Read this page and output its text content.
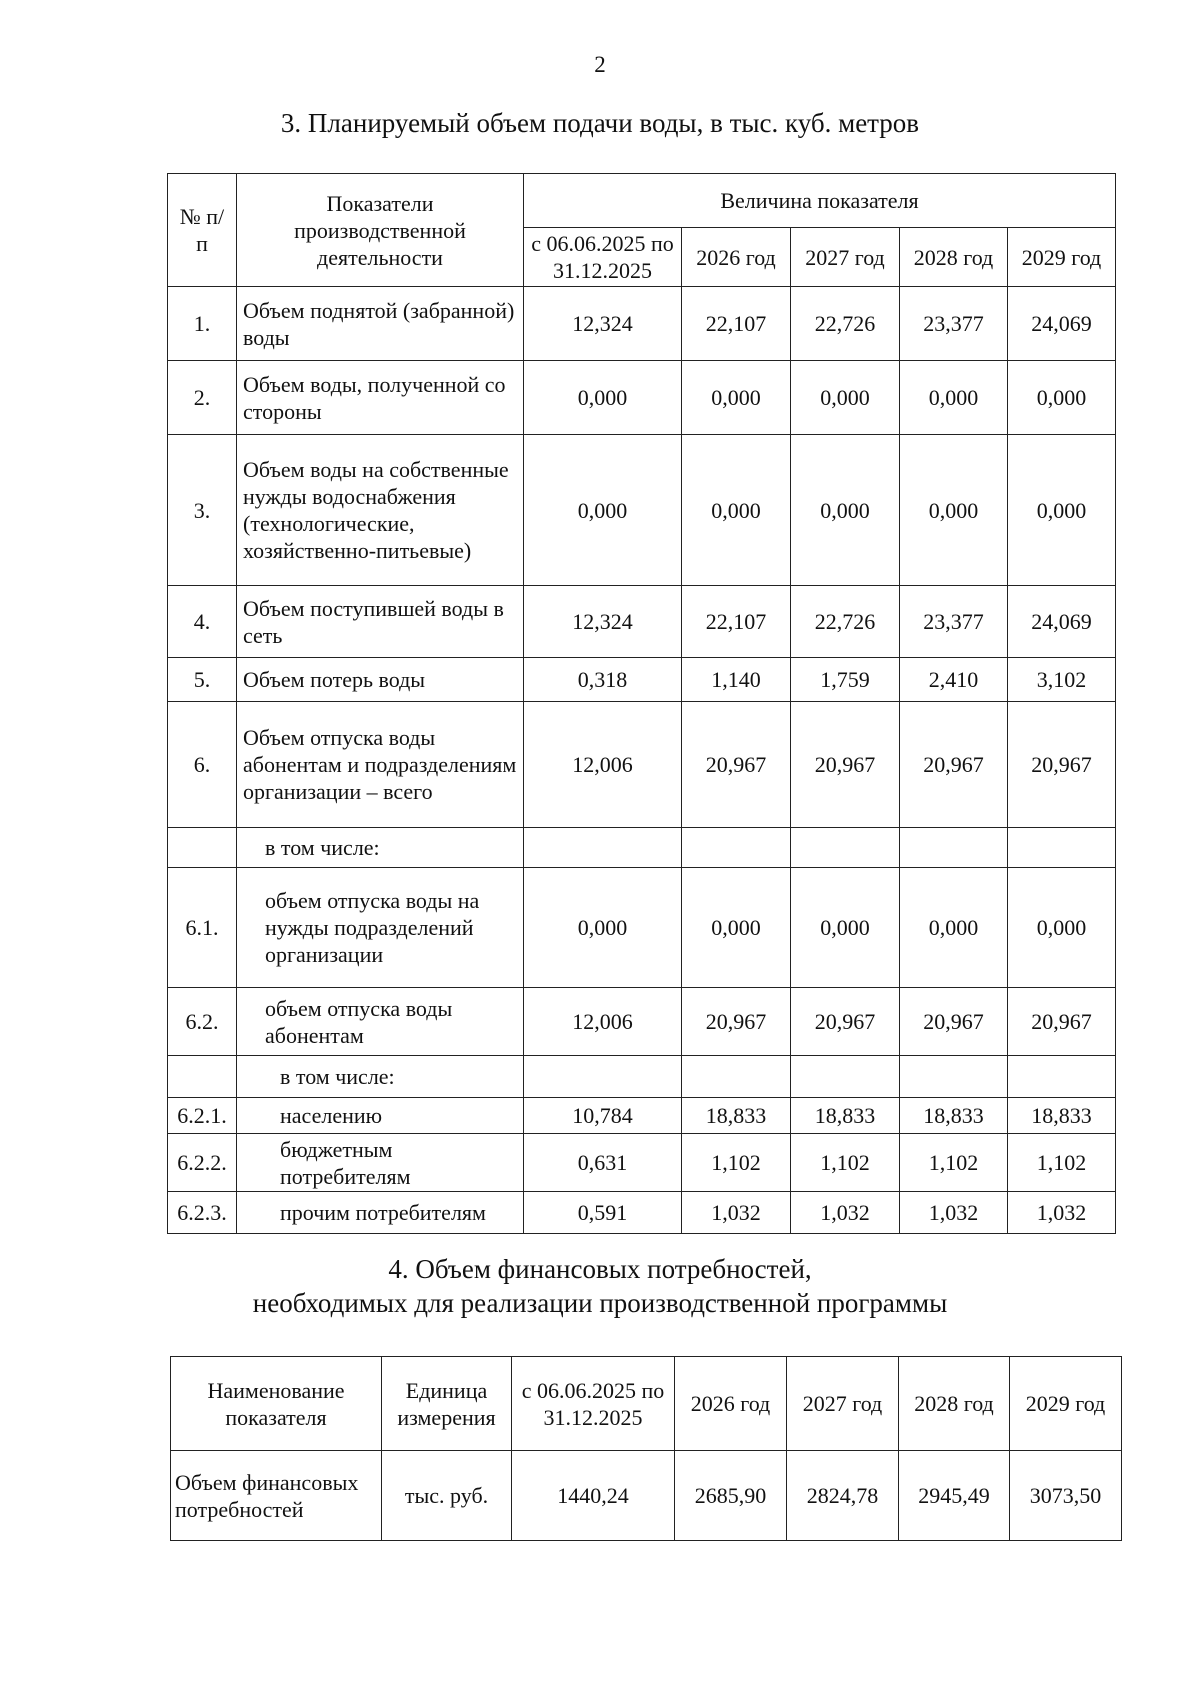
2
3. Планируемый объем подачи воды, в тыс. куб. метров
№ п/п	Показатели производственной деятельности	Величина показателя				
		с 06.06.2025 по 31.12.2025	2026 год	2027 год	2028 год	2029 год
1.	Объем поднятой (забранной) воды	12,324	22,107	22,726	23,377	24,069
2.	Объем воды, полученной со стороны	0,000	0,000	0,000	0,000	0,000
3.	Объем воды на собственные нужды водоснабжения (технологические, хозяйственно-питьевые)	0,000	0,000	0,000	0,000	0,000
4.	Объем поступившей воды в сеть	12,324	22,107	22,726	23,377	24,069
5.	Объем потерь воды	0,318	1,140	1,759	2,410	3,102
6.	Объем отпуска воды абонентам и подразделениям организации – всего	12,006	20,967	20,967	20,967	20,967
	в том числе:					
6.1.	объем отпуска воды на нужды подразделений организации	0,000	0,000	0,000	0,000	0,000
6.2.	объем отпуска воды абонентам	12,006	20,967	20,967	20,967	20,967
	в том числе:					
6.2.1.	населению	10,784	18,833	18,833	18,833	18,833
6.2.2.	бюджетным потребителям	0,631	1,102	1,102	1,102	1,102
6.2.3.	прочим потребителям	0,591	1,032	1,032	1,032	1,032
4. Объем финансовых потребностей,
необходимых для реализации производственной программы
Наименование показателя	Единица измерения	с 06.06.2025 по 31.12.2025	2026 год	2027 год	2028 год	2029 год
Объем финансовых потребностей	тыс. руб.	1440,24	2685,90	2824,78	2945,49	3073,50
